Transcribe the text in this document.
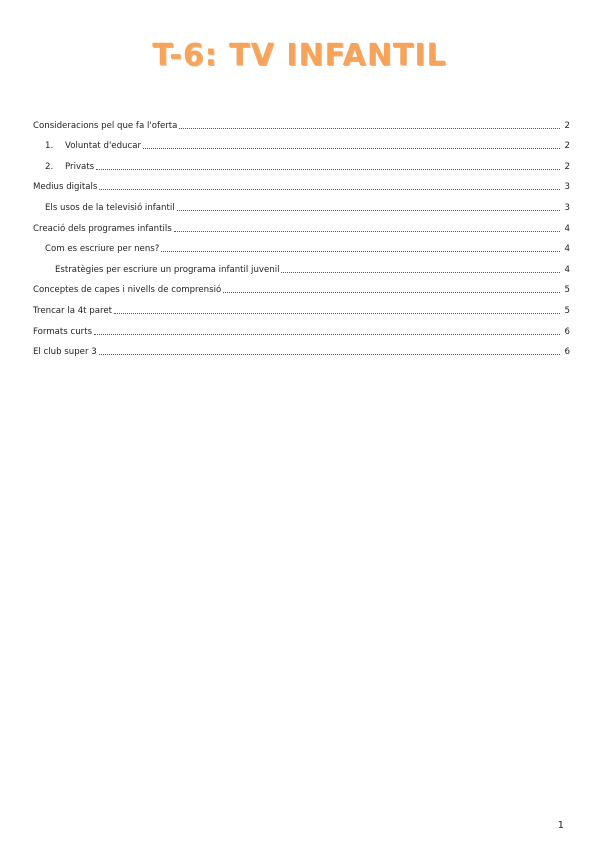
T-6: TV INFANTIL
Consideracions pel que fa l'oferta	2
1.	Voluntat d'educar	2
2.	Privats	2
Medius digitals	3
Els usos de la televisió infantil	3
Creació dels programes infantils	4
Com es escriure per nens?	4
Estratègies per escriure un programa infantil juvenil	4
Conceptes de capes i nivells de comprensió	5
Trencar la 4t paret	5
Formats curts	6
El club super 3	6
1
